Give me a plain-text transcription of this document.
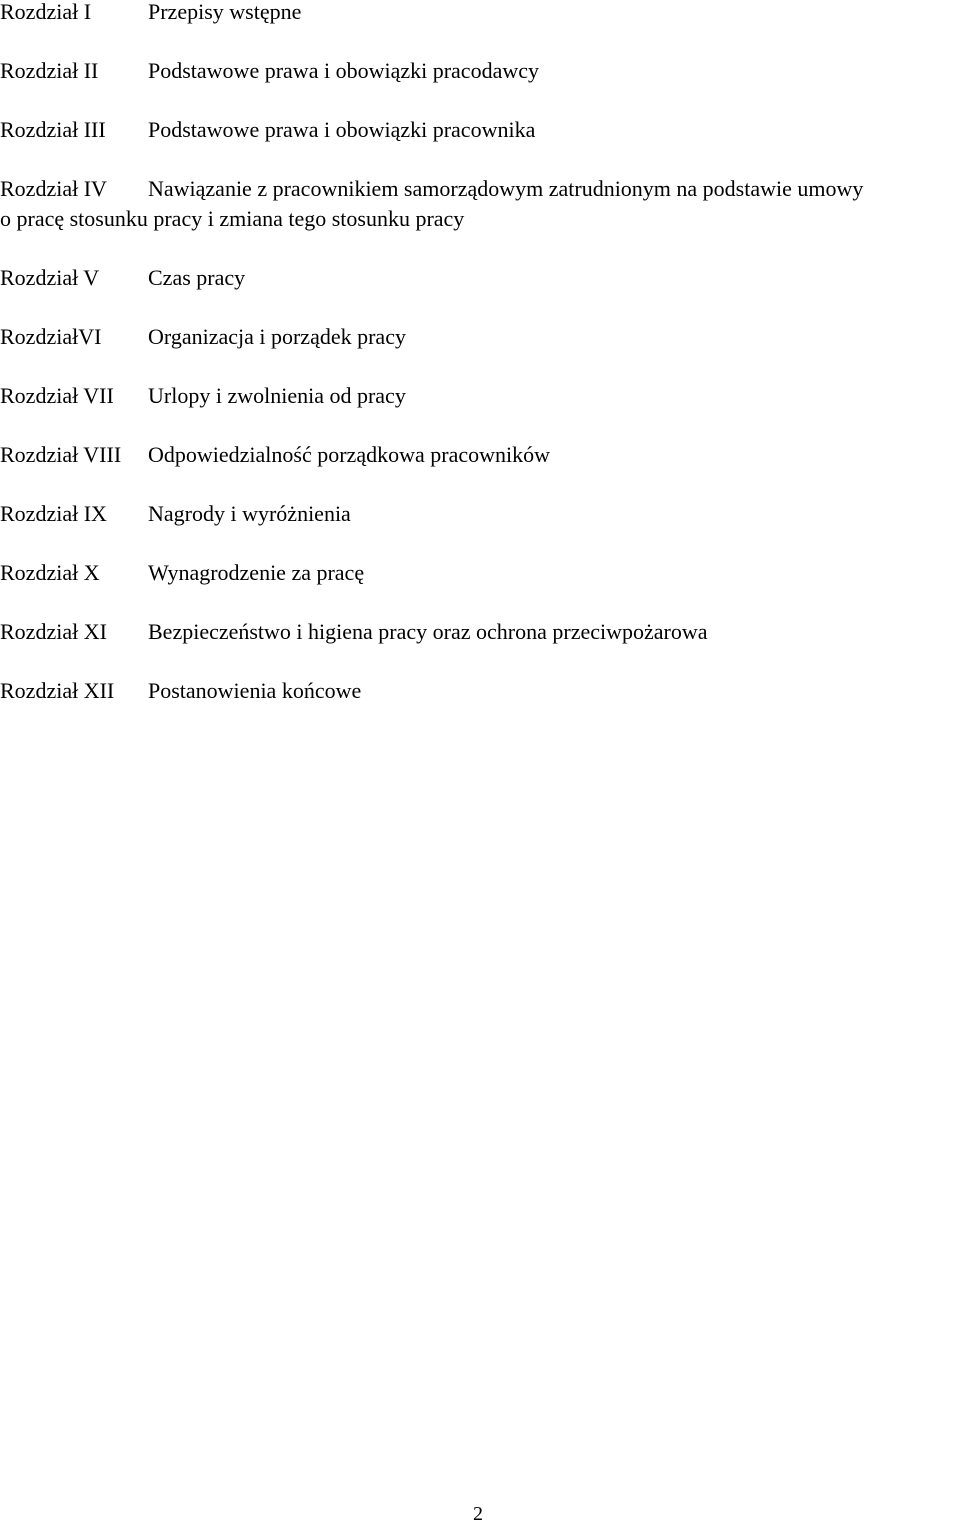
Rozdział I	Przepisy wstępne
Rozdział II Podstawowe prawa i obowiązki pracodawcy
Rozdział III Podstawowe prawa i obowiązki pracownika
Rozdział IV Nawiązanie z pracownikiem samorządowym zatrudnionym na podstawie umowy
o pracę stosunku pracy i zmiana tego stosunku pracy
Rozdział V Czas pracy
RozdziałVI Organizacja i porządek pracy
Rozdział VII Urlopy i zwolnienia od pracy
Rozdział VIII Odpowiedzialność porządkowa pracowników
Rozdział IX Nagrody i wyróżnienia
Rozdział X Wynagrodzenie za pracę
Rozdział XI Bezpieczeństwo i higiena pracy oraz ochrona przeciwpożarowa
Rozdział XII Postanowienia końcowe
2
